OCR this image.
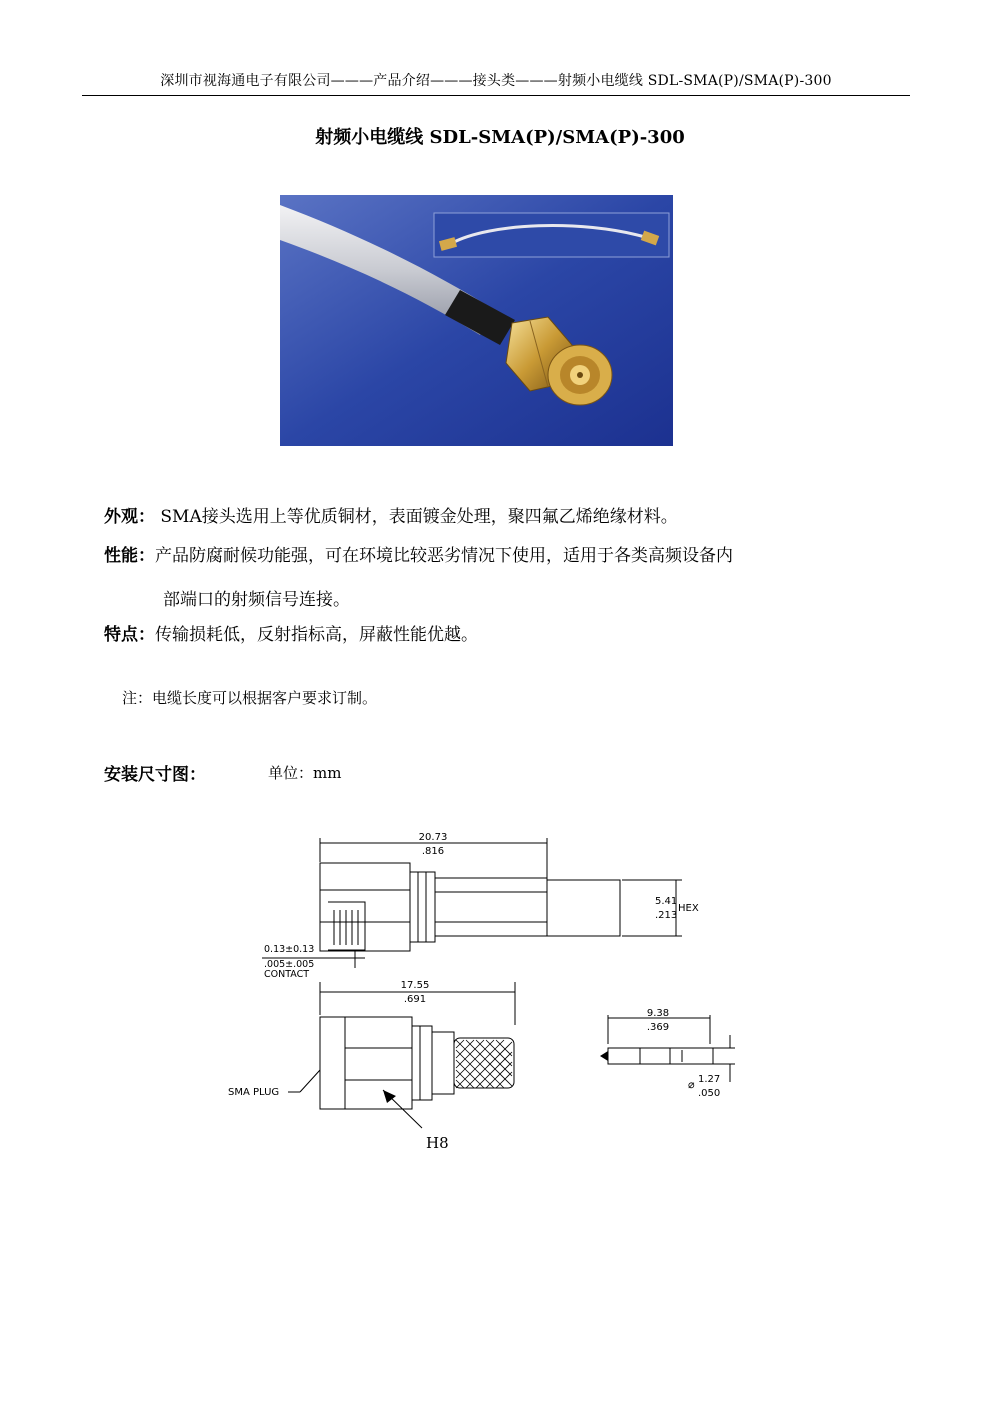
深圳市视海通电子有限公司———产品介绍———接头类———射频小电缆线 SDL-SMA(P)/SMA(P)-300
射频小电缆线 SDL-SMA(P)/SMA(P)-300
外观： SMA接头选用上等优质铜材，表面镀金处理，聚四氟乙烯绝缘材料。
性能：产品防腐耐候功能强，可在环境比较恶劣情况下使用，适用于各类高频设备内
部端口的射频信号连接。
特点：传输损耗低，反射指标高，屏蔽性能优越。
注：电缆长度可以根据客户要求订制。
安装尺寸图：	单位：mm
20.73
.816
5.41
.213
HEX
0.13±0.13
.005±.005
CONTACT
17.55
.691
SMA PLUG
9.38
.369
⌀ 1.27
.050
H8
